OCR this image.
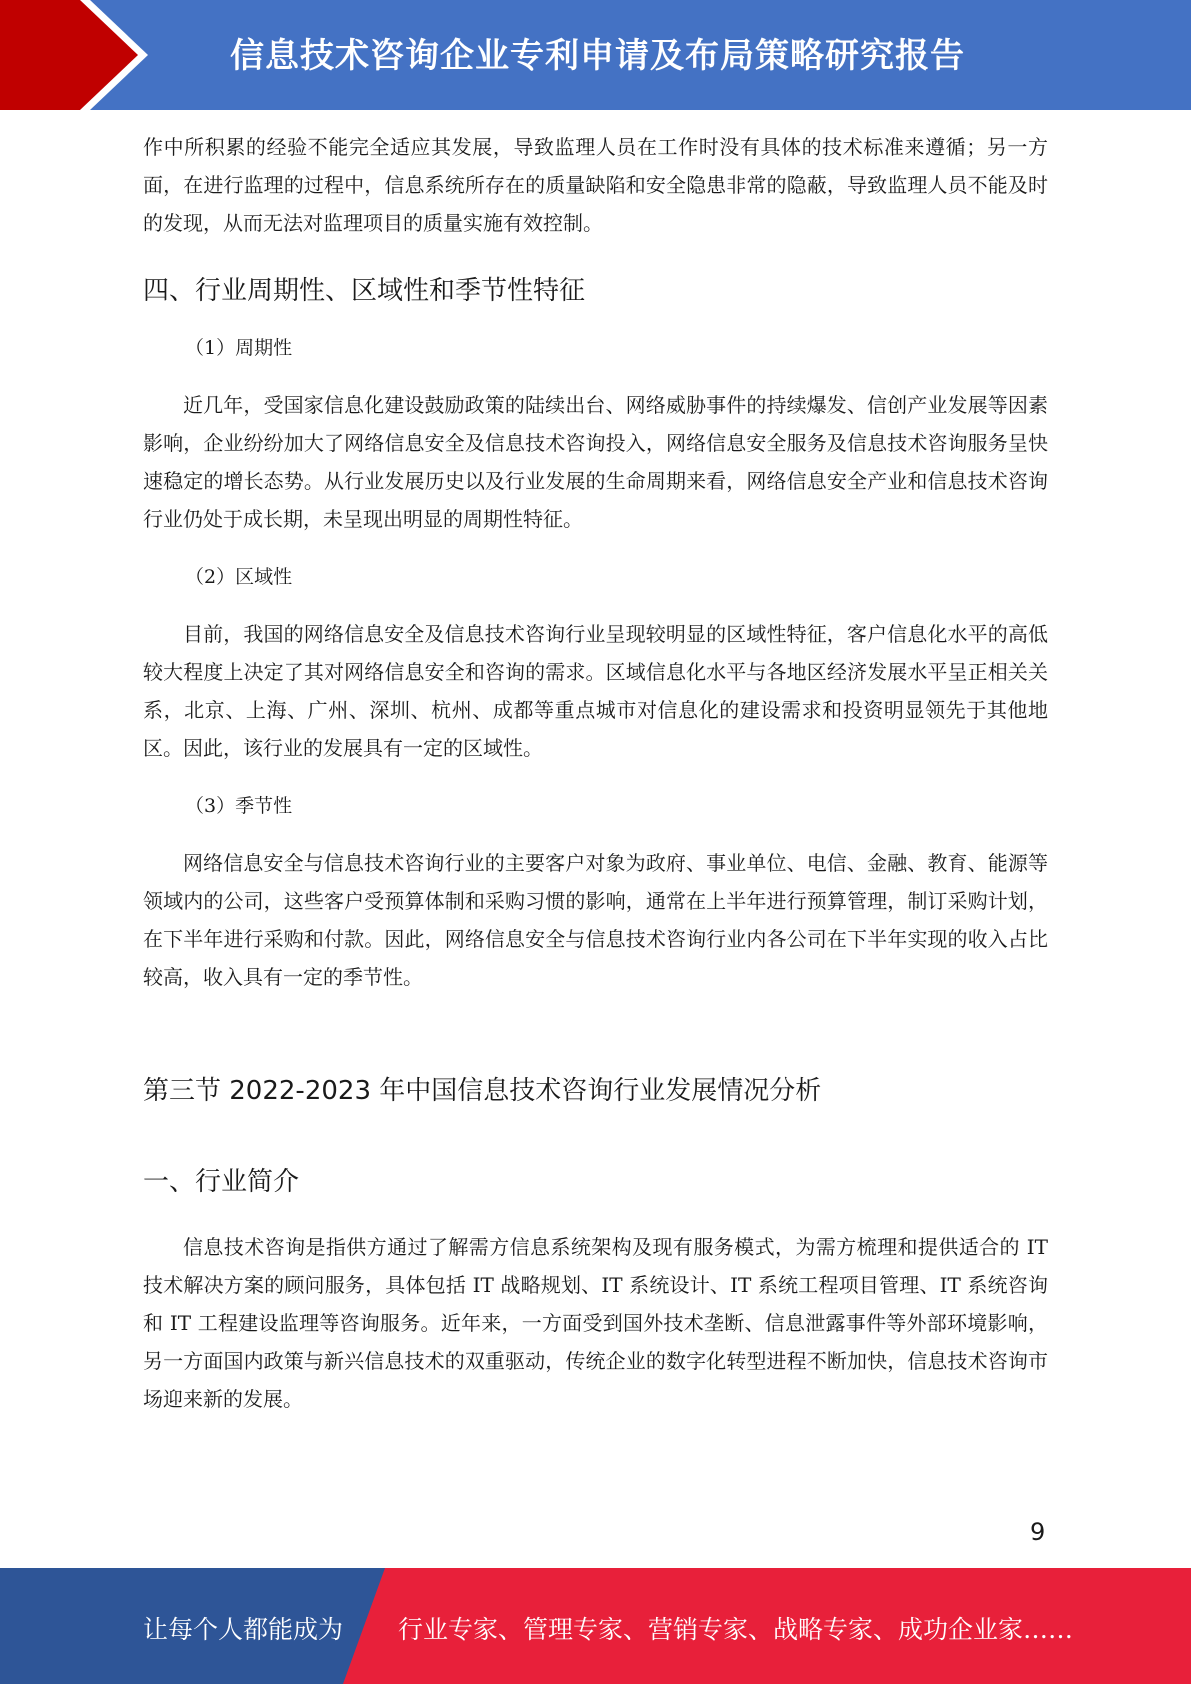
信息技术咨询企业专利申请及布局策略研究报告

作中所积累的经验不能完全适应其发展，导致监理人员在工作时没有具体的技术标准来遵循；另一方面，在进行监理的过程中，信息系统所存在的质量缺陷和安全隐患非常的隐蔽，导致监理人员不能及时的发现，从而无法对监理项目的质量实施有效控制。

四、行业周期性、区域性和季节性特征

（1）周期性

近几年，受国家信息化建设鼓励政策的陆续出台、网络威胁事件的持续爆发、信创产业发展等因素影响，企业纷纷加大了网络信息安全及信息技术咨询投入，网络信息安全服务及信息技术咨询服务呈快速稳定的增长态势。从行业发展历史以及行业发展的生命周期来看，网络信息安全产业和信息技术咨询行业仍处于成长期，未呈现出明显的周期性特征。

（2）区域性

目前，我国的网络信息安全及信息技术咨询行业呈现较明显的区域性特征，客户信息化水平的高低较大程度上决定了其对网络信息安全和咨询的需求。区域信息化水平与各地区经济发展水平呈正相关关系，北京、上海、广州、深圳、杭州、成都等重点城市对信息化的建设需求和投资明显领先于其他地区。因此，该行业的发展具有一定的区域性。

（3）季节性

网络信息安全与信息技术咨询行业的主要客户对象为政府、事业单位、电信、金融、教育、能源等领域内的公司，这些客户受预算体制和采购习惯的影响，通常在上半年进行预算管理，制订采购计划，在下半年进行采购和付款。因此，网络信息安全与信息技术咨询行业内各公司在下半年实现的收入占比较高，收入具有一定的季节性。

第三节 2022-2023 年中国信息技术咨询行业发展情况分析
一、行业简介

信息技术咨询是指供方通过了解需方信息系统架构及现有服务模式，为需方梳理和提供适合的 IT 技术解决方案的顾问服务，具体包括 IT 战略规划、IT 系统设计、IT 系统工程项目管理、IT 系统咨询和 IT 工程建设监理等咨询服务。近年来，一方面受到国外技术垄断、信息泄露事件等外部环境影响，另一方面国内政策与新兴信息技术的双重驱动，传统企业的数字化转型进程不断加快，信息技术咨询市场迎来新的发展。

9
让每个人都能成为 行业专家、管理专家、营销专家、战略专家、成功企业家……
